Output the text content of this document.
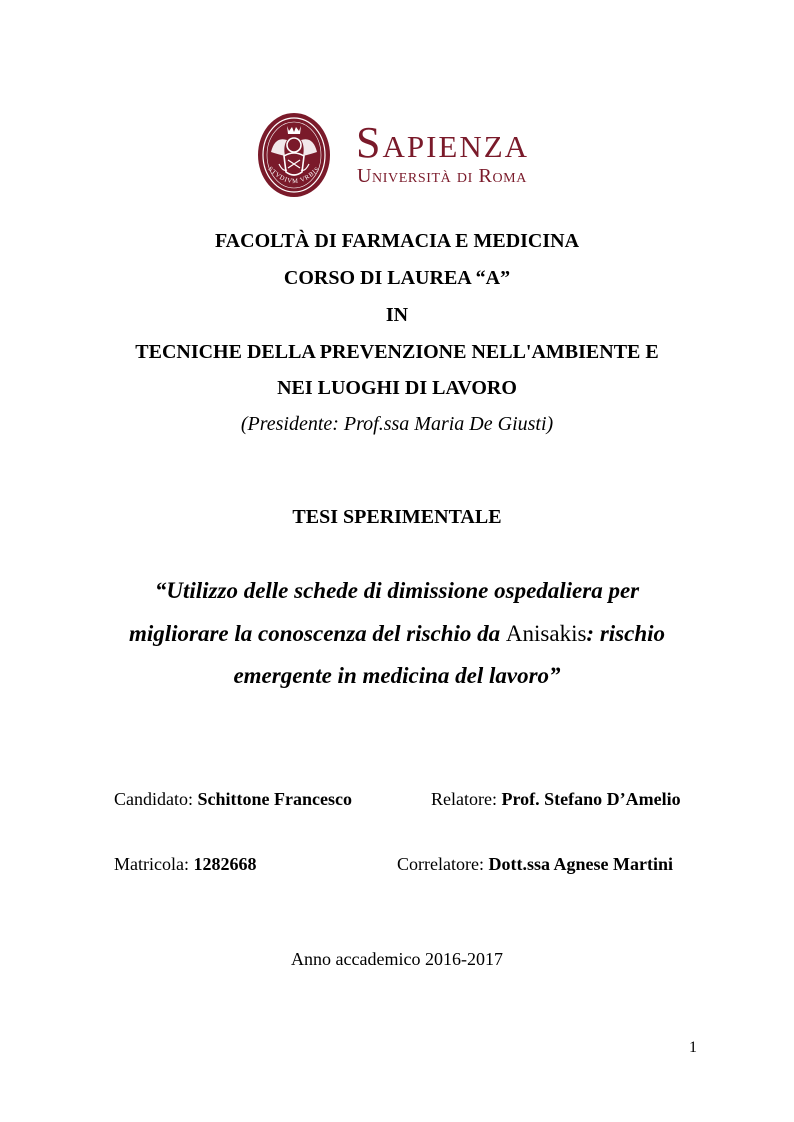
STVDIVM VRBIS
Sapienza
Università di Roma
FACOLTÀ DI FARMACIA E MEDICINA
CORSO DI LAUREA “A”
IN
TECNICHE DELLA PREVENZIONE NELL'AMBIENTE E
NEI LUOGHI DI LAVORO
(Presidente: Prof.ssa Maria De Giusti)
TESI SPERIMENTALE
“Utilizzo delle schede di dimissione ospedaliera per
migliorare la conoscenza del rischio da Anisakis: rischio
emergente in medicina del lavoro”
Candidato: Schittone Francesco	Relatore: Prof. Stefano D’Amelio
Matricola: 1282668	Correlatore: Dott.ssa Agnese Martini
Anno accademico 2016-2017
1
